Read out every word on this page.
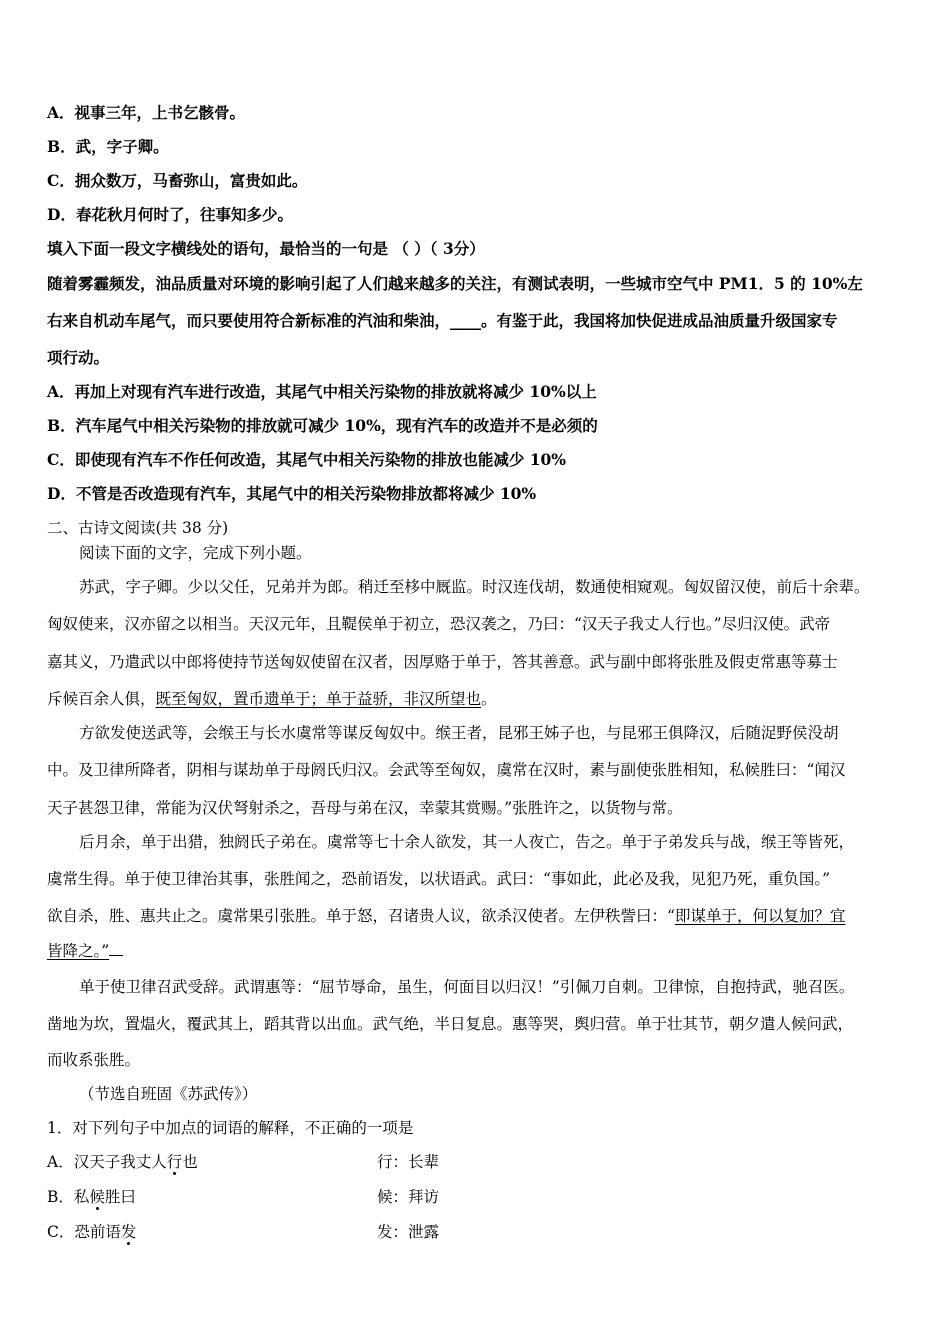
A．视事三年，上书乞骸骨。
B．武，字子卿。
C．拥众数万，马畜弥山，富贵如此。
D．春花秋月何时了，往事知多少。
填入下面一段文字横线处的语句，最恰当的一句是 （ ）（ 3分）
随着雾霾频发，油品质量对环境的影响引起了人们越来越多的关注，有测试表明，一些城市空气中 PM1．5 的 10%左
右来自机动车尾气，而只要使用符合新标准的汽油和柴油，____。有鉴于此，我国将加快促进成品油质量升级国家专
项行动。
A．再加上对现有汽车进行改造，其尾气中相关污染物的排放就将减少 10%以上
B．汽车尾气中相关污染物的排放就可减少 10%，现有汽车的改造并不是必须的
C．即使现有汽车不作任何改造，其尾气中相关污染物的排放也能减少 10%
D．不管是否改造现有汽车，其尾气中的相关污染物排放都将减少 10%
二、古诗文阅读(共 38 分)
阅读下面的文字，完成下列小题。
苏武，字子卿。少以父任，兄弟并为郎。稍迁至栘中厩监。时汉连伐胡，数通使相窥观。匈奴留汉使，前后十余辈。
匈奴使来，汉亦留之以相当。天汉元年，且鞮侯单于初立，恐汉袭之，乃曰：“汉天子我丈人行也。”尽归汉使。武帝
嘉其义，乃遣武以中郎将使持节送匈奴使留在汉者，因厚赂于单于，答其善意。武与副中郎将张胜及假吏常惠等募士
斥候百余人俱，既至匈奴，置币遗单于；单于益骄，非汉所望也。
方欲发使送武等，会缑王与长水虞常等谋反匈奴中。缑王者，昆邪王姊子也，与昆邪王俱降汉，后随浞野侯没胡
中。及卫律所降者，阴相与谋劫单于母阏氏归汉。会武等至匈奴，虞常在汉时，素与副使张胜相知，私候胜曰：“闻汉
天子甚怨卫律，常能为汉伏弩射杀之，吾母与弟在汉，幸蒙其赏赐。”张胜许之，以货物与常。
后月余，单于出猎，独阏氏子弟在。虞常等七十余人欲发，其一人夜亡，告之。单于子弟发兵与战，缑王等皆死，
虞常生得。单于使卫律治其事，张胜闻之，恐前语发，以状语武。武曰：“事如此，此必及我，见犯乃死，重负国。”
欲自杀，胜、惠共止之。虞常果引张胜。单于怒，召诸贵人议，欲杀汉使者。左伊秩訾曰：“即谋单于，何以复加？宜
皆降之。”
单于使卫律召武受辞。武谓惠等：“屈节辱命，虽生，何面目以归汉！”引佩刀自刺。卫律惊，自抱持武，驰召医。
凿地为坎，置煴火，覆武其上，蹈其背以出血。武气绝，半日复息。惠等哭，舆归营。单于壮其节，朝夕遣人候问武，
而收系张胜。
（节选自班固《苏武传》）
1．对下列句子中加点的词语的解释，不正确的一项是
A．汉天子我丈人行也	行：长辈
B．私候胜曰	候：拜访
C．恐前语发	发：泄露
